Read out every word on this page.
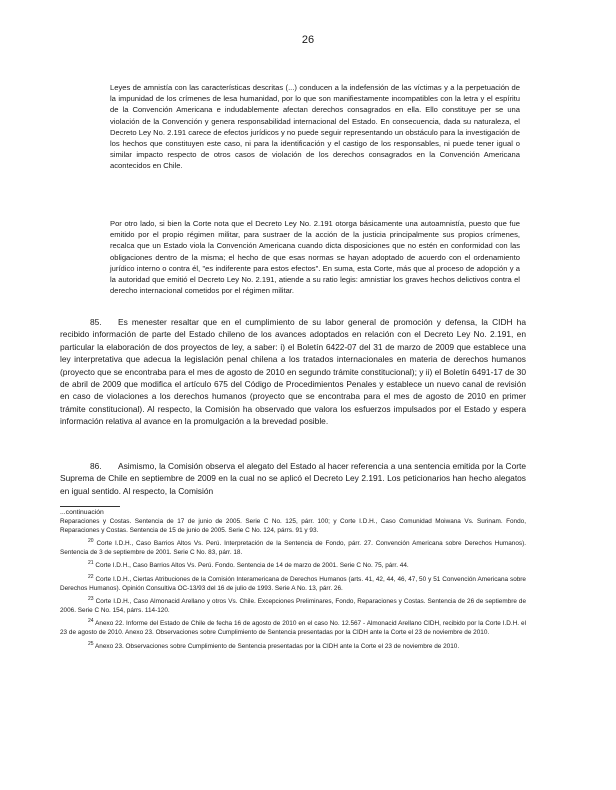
26

Leyes de amnistía con las características descritas (...) conducen a la indefensión de las víctimas y a la perpetuación de la impunidad de los crímenes de lesa humanidad, por lo que son manifiestamente incompatibles con la letra y el espíritu de la Convención Americana e indudablemente afectan derechos consagrados en ella. Ello constituye per se una violación de la Convención y genera responsabilidad internacional del Estado. En consecuencia, dada su naturaleza, el Decreto Ley No. 2.191 carece de efectos jurídicos y no puede seguir representando un obstáculo para la investigación de los hechos que constituyen este caso, ni para la identificación y el castigo de los responsables, ni puede tener igual o similar impacto respecto de otros casos de violación de los derechos consagrados en la Convención Americana acontecidos en Chile.

Por otro lado, si bien la Corte nota que el Decreto Ley No. 2.191 otorga básicamente una autoamnistía, puesto que fue emitido por el propio régimen militar, para sustraer de la acción de la justicia principalmente sus propios crímenes, recalca que un Estado viola la Convención Americana cuando dicta disposiciones que no estén en conformidad con las obligaciones dentro de la misma; el hecho de que esas normas se hayan adoptado de acuerdo con el ordenamiento jurídico interno o contra él, "es indiferente para estos efectos". En suma, esta Corte, más que al proceso de adopción y a la autoridad que emitió el Decreto Ley No. 2.191, atiende a su ratio legis: amnistiar los graves hechos delictivos contra el derecho internacional cometidos por el régimen militar.

85. Es menester resaltar que en el cumplimiento de su labor general de promoción y defensa, la CIDH ha recibido información de parte del Estado chileno de los avances adoptados en relación con el Decreto Ley No. 2.191, en particular la elaboración de dos proyectos de ley, a saber: i) el Boletín 6422-07 del 31 de marzo de 2009 que establece una ley interpretativa que adecua la legislación penal chilena a los tratados internacionales en materia de derechos humanos (proyecto que se encontraba para el mes de agosto de 2010 en segundo trámite constitucional); y ii) el Boletín 6491-17 de 30 de abril de 2009 que modifica el artículo 675 del Código de Procedimientos Penales y establece un nuevo canal de revisión en caso de violaciones a los derechos humanos (proyecto que se encontraba para el mes de agosto de 2010 en primer trámite constitucional). Al respecto, la Comisión ha observado que valora los esfuerzos impulsados por el Estado y espera información relativa al avance en la promulgación a la brevedad posible.

86. Asimismo, la Comisión observa el alegato del Estado al hacer referencia a una sentencia emitida por la Corte Suprema de Chile en septiembre de 2009 en la cual no se aplicó el Decreto Ley 2.191. Los peticionarios han hecho alegatos en igual sentido. Al respecto, la Comisión

...continuación

Reparaciones y Costas. Sentencia de 17 de junio de 2005. Serie C No. 125, párr. 100; y Corte I.D.H., Caso Comunidad Moiwana Vs. Surinam. Fondo, Reparaciones y Costas. Sentencia de 15 de junio de 2005. Serie C No. 124, párrs. 91 y 93.

$^{20}$ Corte I.D.H., Caso Barrios Altos Vs. Perú. Interpretación de la Sentencia de Fondo, párr. 27. Convención Americana sobre Derechos Humanos). Sentencia de 3 de septiembre de 2001. Serie C No. 83, párr. 18.

$^{21}$ Corte I.D.H., Caso Barrios Altos Vs. Perú. Fondo. Sentencia de 14 de marzo de 2001. Serie C No. 75, párr. 44.

$^{22}$ Corte I.D.H., Ciertas Atribuciones de la Comisión Interamericana de Derechos Humanos (arts. 41, 42, 44, 46, 47, 50 y 51 Convención Americana sobre Derechos Humanos). Opinión Consultiva OC-13/93 del 16 de julio de 1993. Serie A No. 13, párr. 26.

$^{23}$ Corte I.D.H., Caso Almonacid Arellano y otros Vs. Chile. Excepciones Preliminares, Fondo, Reparaciones y Costas. Sentencia de 26 de septiembre de 2006. Serie C No. 154, párrs. 114-120.

$^{24}$ Anexo 22. Informe del Estado de Chile de fecha 16 de agosto de 2010 en el caso No. 12.567 - Almonacid Arellano CIDH, recibido por la Corte I.D.H. el 23 de agosto de 2010. Anexo 23. Observaciones sobre Cumplimiento de Sentencia presentadas por la CIDH ante la Corte el 23 de noviembre de 2010.

$^{25}$ Anexo 23. Observaciones sobre Cumplimiento de Sentencia presentadas por la CIDH ante la Corte el 23 de noviembre de 2010.
